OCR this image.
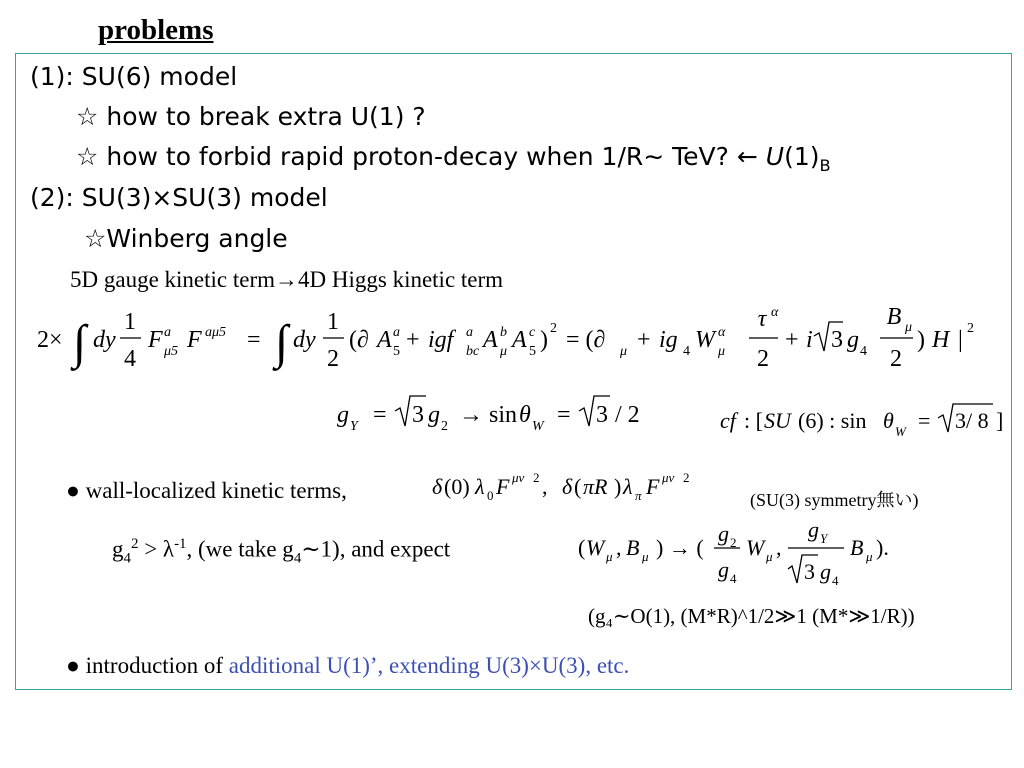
problems
(1): SU(6) model
☆ how to break extra U(1) ?
☆ how to forbid rapid proton-decay when 1/R∼ TeV? ← $U(1)_B$
(2): SU(3)×SU(3) model
☆Winberg angle
5D gauge kinetic term→4D Higgs kinetic term
2× ∫ dy
1
4
F a
μ5 F aμ5 = ∫ dy
1
2
(∂ A a
5 + igf a
bc A b
μ A c
5 ) 2 = (∂ μ + ig 4 W α
μ
τ α
2
+ i 3 g 4
B μ
2
) H | 2
g Y = 3 g 2 → sin θ W = 3 / 2	cf : [ SU (6) : sin θ W = 3/ 8 ]
● wall-localized kinetic terms,	δ (0) λ 0 F μν 2 , δ ( πR ) λ π F μν 2
(SU(3) symmetry無い)
$g_4^2 > \lambda^{-1}$, (we take $g_4\sim 1$), and expect	( W μ , B μ ) → (
g 2
g 4
W μ ,
g Y
3 g 4
B μ ).
(g₄∼O(1), (M*R)^1/2≫1 (M*≫1/R))
● introduction of additional U(1)’, extending U(3)×U(3), etc.
